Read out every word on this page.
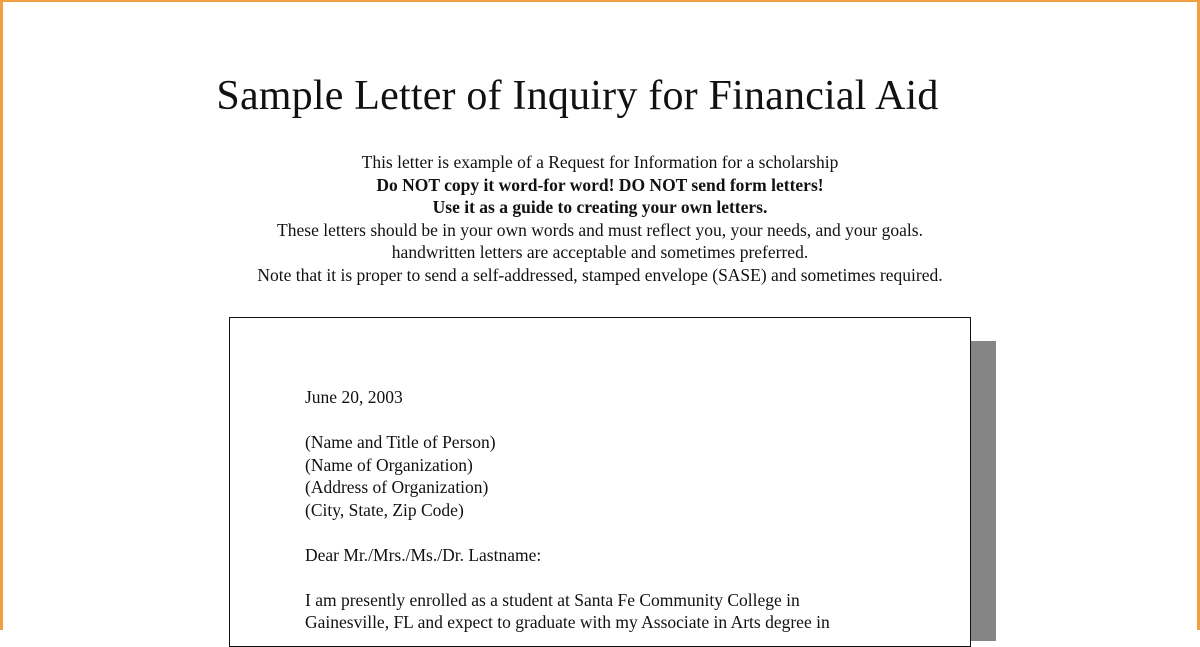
Sample Letter of Inquiry for Financial Aid
This letter is example of a Request for Information for a scholarship
Do NOT copy it word-for word! DO NOT send form letters!
Use it as a guide to creating your own letters.
These letters should be in your own words and must reflect you, your needs, and your goals.
handwritten letters are acceptable and sometimes preferred.
Note that it is proper to send a self-addressed, stamped envelope (SASE) and sometimes required.
June 20, 2003
(Name and Title of Person)
(Name of Organization)
(Address of Organization)
(City, State, Zip Code)
Dear Mr./Mrs./Ms./Dr. Lastname:
I am presently enrolled as a student at Santa Fe Community College in
Gainesville, FL and expect to graduate with my Associate in Arts degree in
